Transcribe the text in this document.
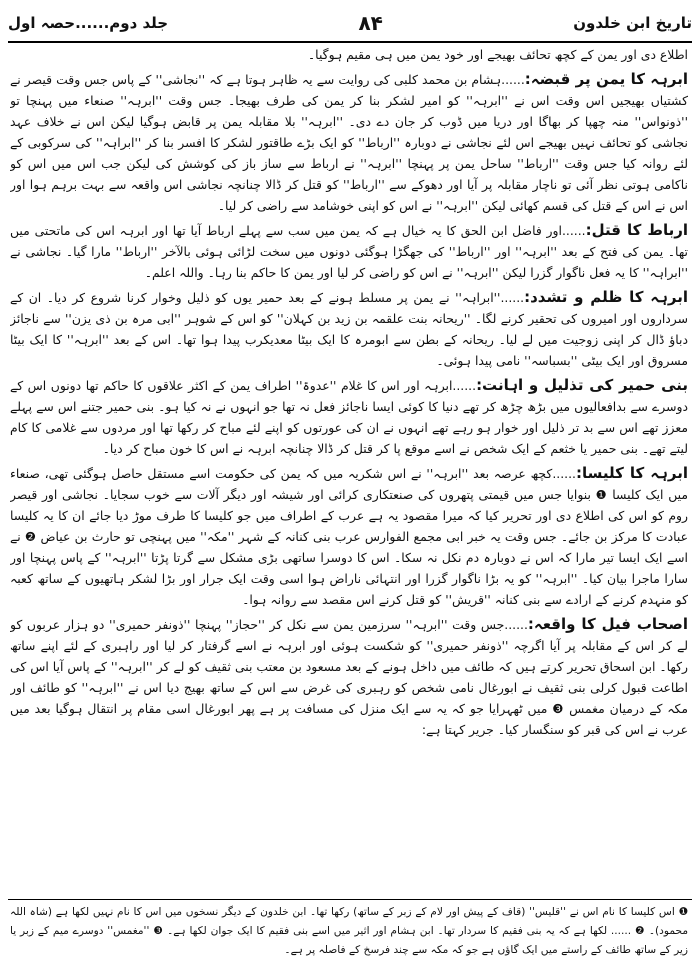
جلد دوم......حصہ اول	۸۴	تاریخ ابن خلدون

اطلاع دی اور یمن کے کچھ تحائف بھیجے اور خود یمن میں ہی مقیم ہوگیا۔

ابرہہ کا یمن پر قبضہ:......ہشام بن محمد کلبی کی روایت سے یہ ظاہر ہوتا ہے کہ ''نجاشی'' کے پاس جس وقت قیصر نے کشتیاں بھیجیں اس وقت اس نے ''ابرہہ'' کو امیر لشکر بنا کر یمن کی طرف بھیجا۔ جس وقت ''ابرہہ'' صنعاء میں پہنچا تو ''ذونواس'' منہ چھپا کر بھاگا اور دریا میں ڈوب کر جان دے دی۔ ''ابرہہ'' بلا مقابلہ یمن پر قابض ہوگیا لیکن اس نے خلاف عہد نجاشی کو تحائف نہیں بھیجے اس لئے نجاشی نے دوبارہ ''ارباط'' کو ایک بڑے طاقتور لشکر کا افسر بنا کر ''ابراہہ'' کی سرکوبی کے لئے روانہ کیا جس وقت ''ارباط'' ساحل یمن پر پہنچا ''ابرہہ'' نے ارباط سے ساز باز کی کوشش کی لیکن جب اس میں اس کو ناکامی ہوتی نظر آئی تو ناچار مقابلہ پر آیا اور دھوکے سے ''ارباط'' کو قتل کر ڈالا چنانچہ نجاشی اس واقعہ سے بہت برہم ہوا اور اس نے اس کے قتل کی قسم کھائی لیکن ''ابرہہ'' نے اس کو اپنی خوشامد سے راضی کر لیا۔

ارباط کا قتل:......اور فاضل ابن الحق کا یہ خیال ہے کہ یمن میں سب سے پہلے ارباط آیا تھا اور ابرہہ اس کی ماتحتی میں تھا۔ یمن کی فتح کے بعد ''ابرہہ'' اور ''ارباط'' کی جھگڑا ہوگئی دونوں میں سخت لڑائی ہوئی بالآخر ''ارباط'' مارا گیا۔ نجاشی نے ''ابراہہ'' کا یہ فعل ناگوار گزرا لیکن ''ابرہہ'' نے اس کو راضی کر لیا اور یمن کا حاکم بنا رہا۔ واللہ اعلم۔

ابرہہ کا ظلم و تشدد:......''ابراہہ'' نے یمن پر مسلط ہونے کے بعد حمیر یوں کو ذلیل وخوار کرنا شروع کر دیا۔ ان کے سرداروں اور امیروں کی تحقیر کرنے لگا۔ ''ریحانہ بنت علقمہ بن زید بن کہلان'' کو اس کے شوہر ''ابی مرہ بن ذی یزن'' سے ناجائز دباؤ ڈال کر اپنی زوجیت میں لے لیا۔ ریحانہ کے بطن سے ابومرہ کا ایک بیٹا معدیکرب پیدا ہوا تھا۔ اس کے بعد ''ابرہہ'' کا ایک بیٹا مسروق اور ایک بیٹی ''بسباسہ'' نامی پیدا ہوئی۔

بنی حمیر کی تذلیل و اہانت:......ابرہہ اور اس کا غلام ''عدوۃ'' اطراف یمن کے اکثر علاقوں کا حاکم تھا دونوں اس کے دوسرے سے بدافعالیوں میں بڑھ چڑھ کر تھے دنیا کا کوئی ایسا ناجائز فعل نہ تھا جو انہوں نے نہ کیا ہو۔ بنی حمیر جتنے اس سے پہلے معزز تھے اس سے بد تر ذلیل اور خوار ہو رہے تھے انہوں نے ان کی عورتوں کو اپنے لئے مباح کر رکھا تھا اور مردوں سے غلامی کا کام لیتے تھے۔ بنی حمیر یا خثعم کے ایک شخص نے اسے موقع پا کر قتل کر ڈالا چنانچہ ابرہہ نے اس کا خون مباح کر دیا۔

ابرہہ کا کلیسا:......کچھ عرصہ بعد ''ابرہہ'' نے اس شکریہ میں کہ یمن کی حکومت اسے مستقل حاصل ہوگئی تھی، صنعاء میں ایک کلیسا ❶ بنوایا جس میں قیمتی پتھروں کی صنعتکاری کرائی اور شیشہ اور دیگر آلات سے خوب سجایا۔ نجاشی اور قیصر روم کو اس کی اطلاع دی اور تحریر کیا کہ میرا مقصود یہ ہے عرب کے اطراف میں جو کلیسا کا طرف موڑ دیا جائے ان کا یہ کلیسا عبادت کا مرکز بن جائے۔ جس وقت یہ خبر ابی مجمع الفوارس عرب بنی کنانہ کے شہر ''مکہ'' میں پہنچی تو حارث بن عیاض ❷ نے اسے ایک ایسا تیر مارا کہ اس نے دوبارہ دم نکل نہ سکا۔ اس کا دوسرا ساتھی بڑی مشکل سے گرتا پڑتا ''ابرہہ'' کے پاس پہنچا اور سارا ماجرا بیان کیا۔ ''ابرہہ'' کو یہ بڑا ناگوار گزرا اور انتہائی ناراض ہوا اسی وقت ایک جرار اور بڑا لشکر ہاتھیوں کے ساتھ کعبہ کو منہدم کرنے کے ارادے سے بنی کنانہ ''قریش'' کو قتل کرنے اس مقصد سے روانہ ہوا۔

اصحاب فیل کا واقعہ:......جس وقت ''ابرہہ'' سرزمین یمن سے نکل کر ''حجاز'' پہنچا ''ذونفر حمیری'' دو ہزار عربوں کو لے کر اس کے مقابلہ پر آیا اگرچہ ''ذونفر حمیری'' کو شکست ہوئی اور ابرہہ نے اسے گرفتار کر لیا اور راہبری کے لئے اپنے ساتھ رکھا۔ ابن اسحاق تحریر کرتے ہیں کہ طائف میں داخل ہونے کے بعد مسعود بن معتب بنی ثقیف کو لے کر ''ابرہہ'' کے پاس آیا اس کی اطاعت قبول کرلی بنی ثقیف نے ابورغال نامی شخص کو رہبری کی غرض سے اس کے ساتھ بھیج دیا اس نے ''ابرہہ'' کو طائف اور مکہ کے درمیان مغمس ❸ میں ٹھہرایا جو کہ یہ سے ایک منزل کی مسافت پر ہے پھر ابورغال اسی مقام پر انتقال ہوگیا بعد میں عرب نے اس کی قبر کو سنگسار کیا۔ جریر کہتا ہے:

❶ اس کلیسا کا نام اس نے ''قلیس'' (قاف کے پیش اور لام کے زبر کے ساتھ) رکھا تھا۔ ابن خلدون کے دیگر نسخوں میں اس کا نام نہیں لکھا ہے (شاہ اللہ محمود)۔ ❷ ...... لکھا ہے کہ یہ بنی فقیم کا سردار تھا۔ ابن ہشام اور اثیر میں اسے بنی فقیم کا ایک جوان لکھا ہے۔ ❸ ''مغمس'' دوسرے میم کے زبر یا زیر کے ساتھ طائف کے راستے میں ایک گاؤں ہے جو کہ مکہ سے چند فرسخ کے فاصلہ پر ہے۔
